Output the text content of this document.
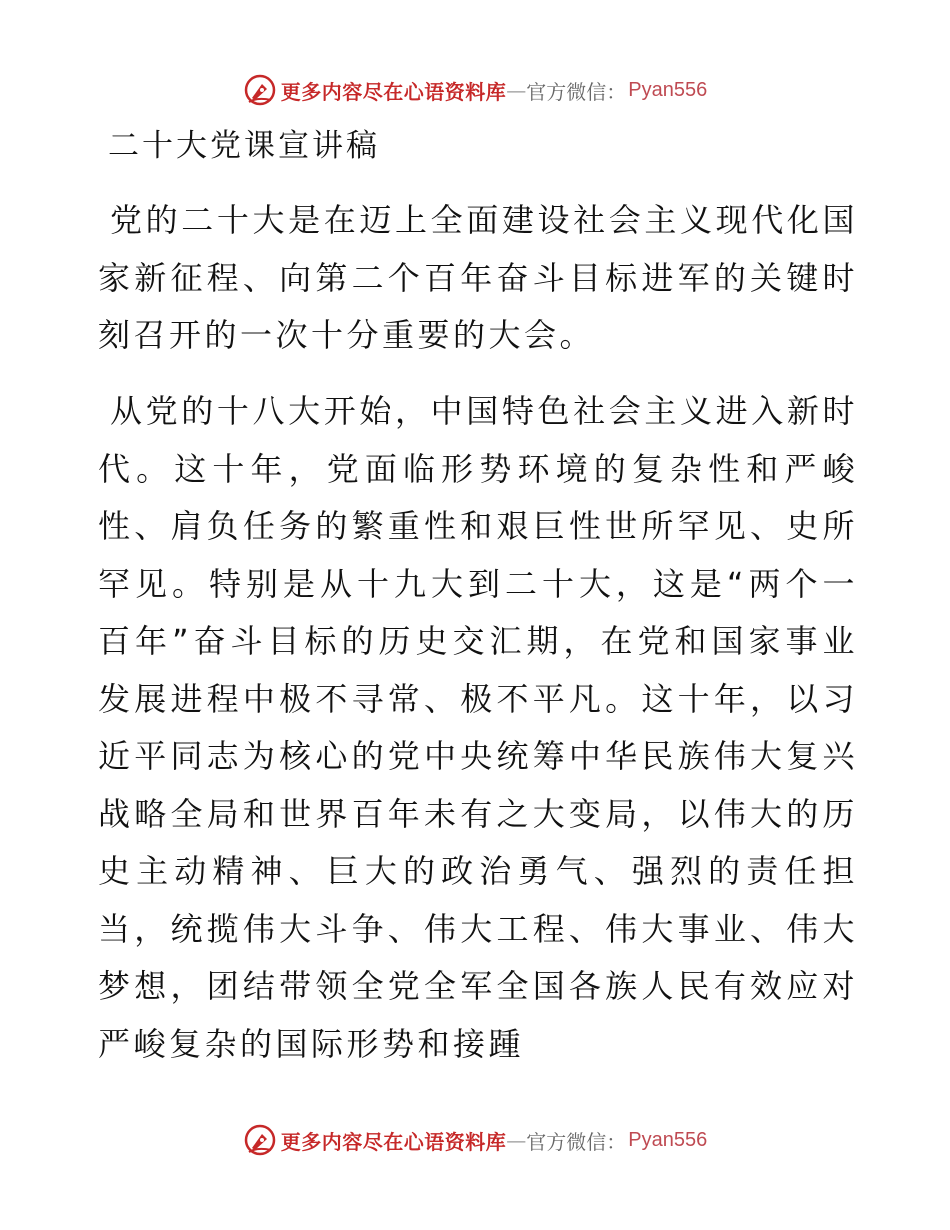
更多内容尽在心语资料库 — 官方微信： Pyan556
二十大党课宣讲稿

党的二十大是在迈上全面建设社会主义现代化国家新征程、向第二个百年奋斗目标进军的关键时刻召开的一次十分重要的大会。

从党的十八大开始，中国特色社会主义进入新时代。这十年，党面临形势环境的复杂性和严峻性、肩负任务的繁重性和艰巨性世所罕见、史所罕见。特别是从十九大到二十大，这是“两个一百年”奋斗目标的历史交汇期，在党和国家事业发展进程中极不寻常、极不平凡。这十年，以习近平同志为核心的党中央统筹中华民族伟大复兴战略全局和世界百年未有之大变局，以伟大的历史主动精神、巨大的政治勇气、强烈的责任担当，统揽伟大斗争、伟大工程、伟大事业、伟大梦想，团结带领全党全军全国各族人民有效应对严峻复杂的国际形势和接踵

更多内容尽在心语资料库 — 官方微信： Pyan556
